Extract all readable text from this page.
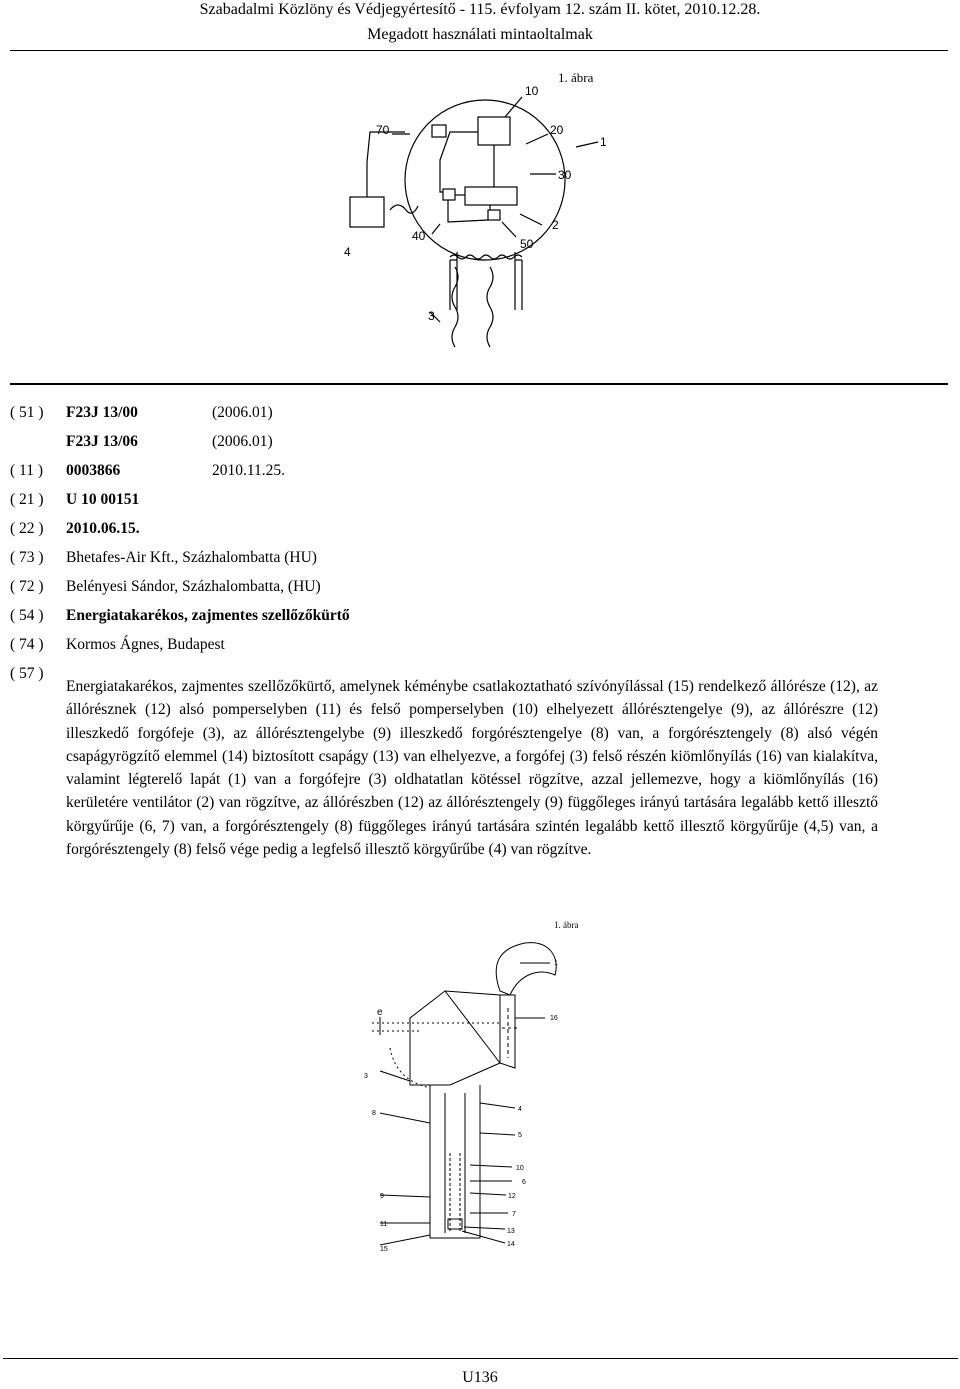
Szabadalmi Közlöny és Védjegyértesítő - 115. évfolyam 12. szám II. kötet, 2010.12.28.
Megadott használati mintaoltalmak
10
70	20
1
30
40
2
4
50
3
1. ábra
( 51 ) F23J 13/00	(2006.01)
F23J 13/06	(2006.01)
( 11 ) 0003866	2010.11.25.
( 21 ) U 10 00151
( 22 ) 2010.06.15.
( 73 ) Bhetafes-Air Kft., Százhalombatta (HU)
( 72 ) Belényesi Sándor, Százhalombatta, (HU)
( 54 ) Energiatakarékos, zajmentes szellőzőkürtő
( 74 ) Kormos Ágnes, Budapest
( 57 )
Energiatakarékos, zajmentes szellőzőkürtő, amelynek kéménybe csatlakoztatható szívónyílással (15) rendelkező állórésze (12), az állórésznek (12) alsó pomperselyben (11) és felső pomperselyben (10) elhelyezett állórésztengelye (9), az állórészre (12) illeszkedő forgófeje (3), az állórésztengelybe (9) illeszkedő forgórésztengelye (8) van, a forgórésztengely (8) alsó végén csapágyrögzítő elemmel (14) biztosított csapágy (13) van elhelyezve, a forgófej (3) felső részén kiömlőnyílás (16) van kialakítva, valamint légterelő lapát (1) van a forgófejre (3) oldhatatlan kötéssel rögzítve, azzal jellemezve, hogy a kiömlőnyílás (16) kerületére ventilátor (2) van rögzítve, az állórészben (12) az állórésztengely (9) függőleges irányú tartására legalább kettő illesztő körgyűrűje (6, 7) van, a forgórésztengely (8) függőleges irányú tartására szintén legalább kettő illesztő körgyűrűje (4,5) van, a forgórésztengely (8) felső vége pedig a legfelső illesztő körgyűrűbe (4) van rögzítve.
1
e
16
3
4
8
5
10
6
9	12
7
11
13
15
14
1. ábra
U136
